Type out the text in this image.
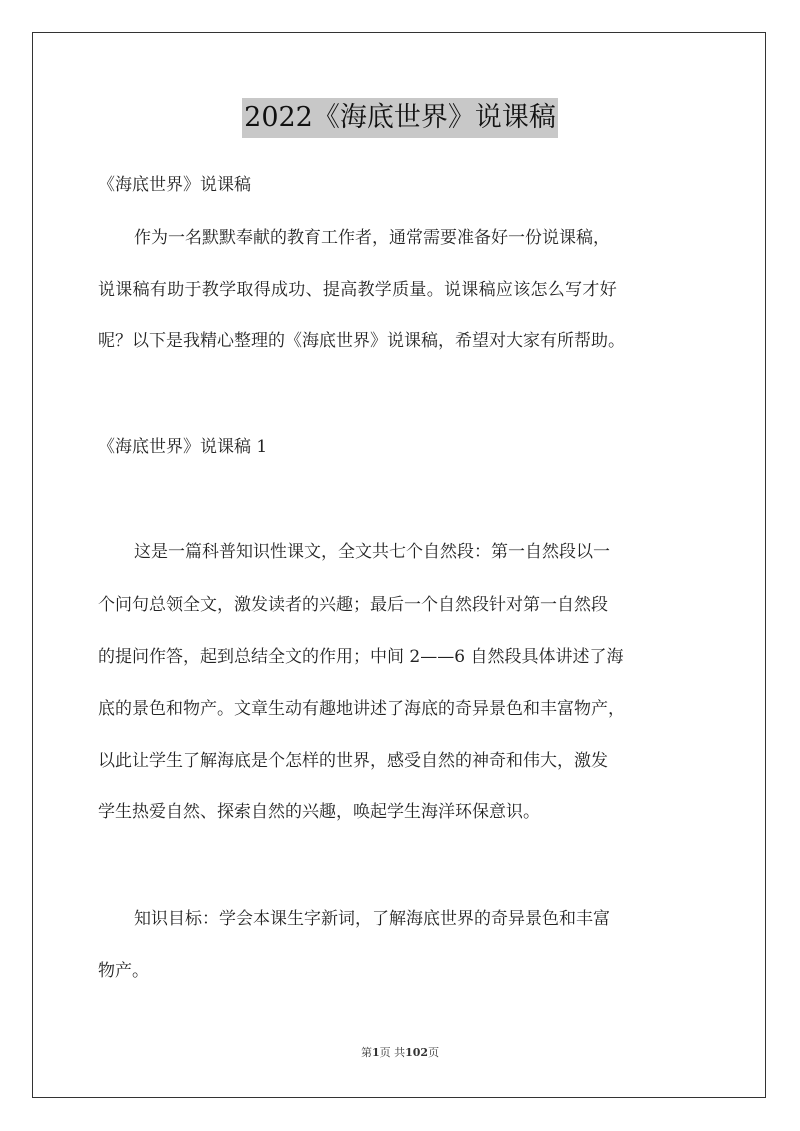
2022《海底世界》说课稿
《海底世界》说课稿
作为一名默默奉献的教育工作者，通常需要准备好一份说课稿，
说课稿有助于教学取得成功、提高教学质量。说课稿应该怎么写才好
呢？以下是我精心整理的《海底世界》说课稿，希望对大家有所帮助。
《海底世界》说课稿 1
这是一篇科普知识性课文，全文共七个自然段：第一自然段以一
个问句总领全文，激发读者的兴趣；最后一个自然段针对第一自然段
的提问作答，起到总结全文的作用；中间 2——6 自然段具体讲述了海
底的景色和物产。文章生动有趣地讲述了海底的奇异景色和丰富物产，
以此让学生了解海底是个怎样的世界，感受自然的神奇和伟大，激发
学生热爱自然、探索自然的兴趣，唤起学生海洋环保意识。
知识目标：学会本课生字新词，了解海底世界的奇异景色和丰富
物产。
第1页 共102页
